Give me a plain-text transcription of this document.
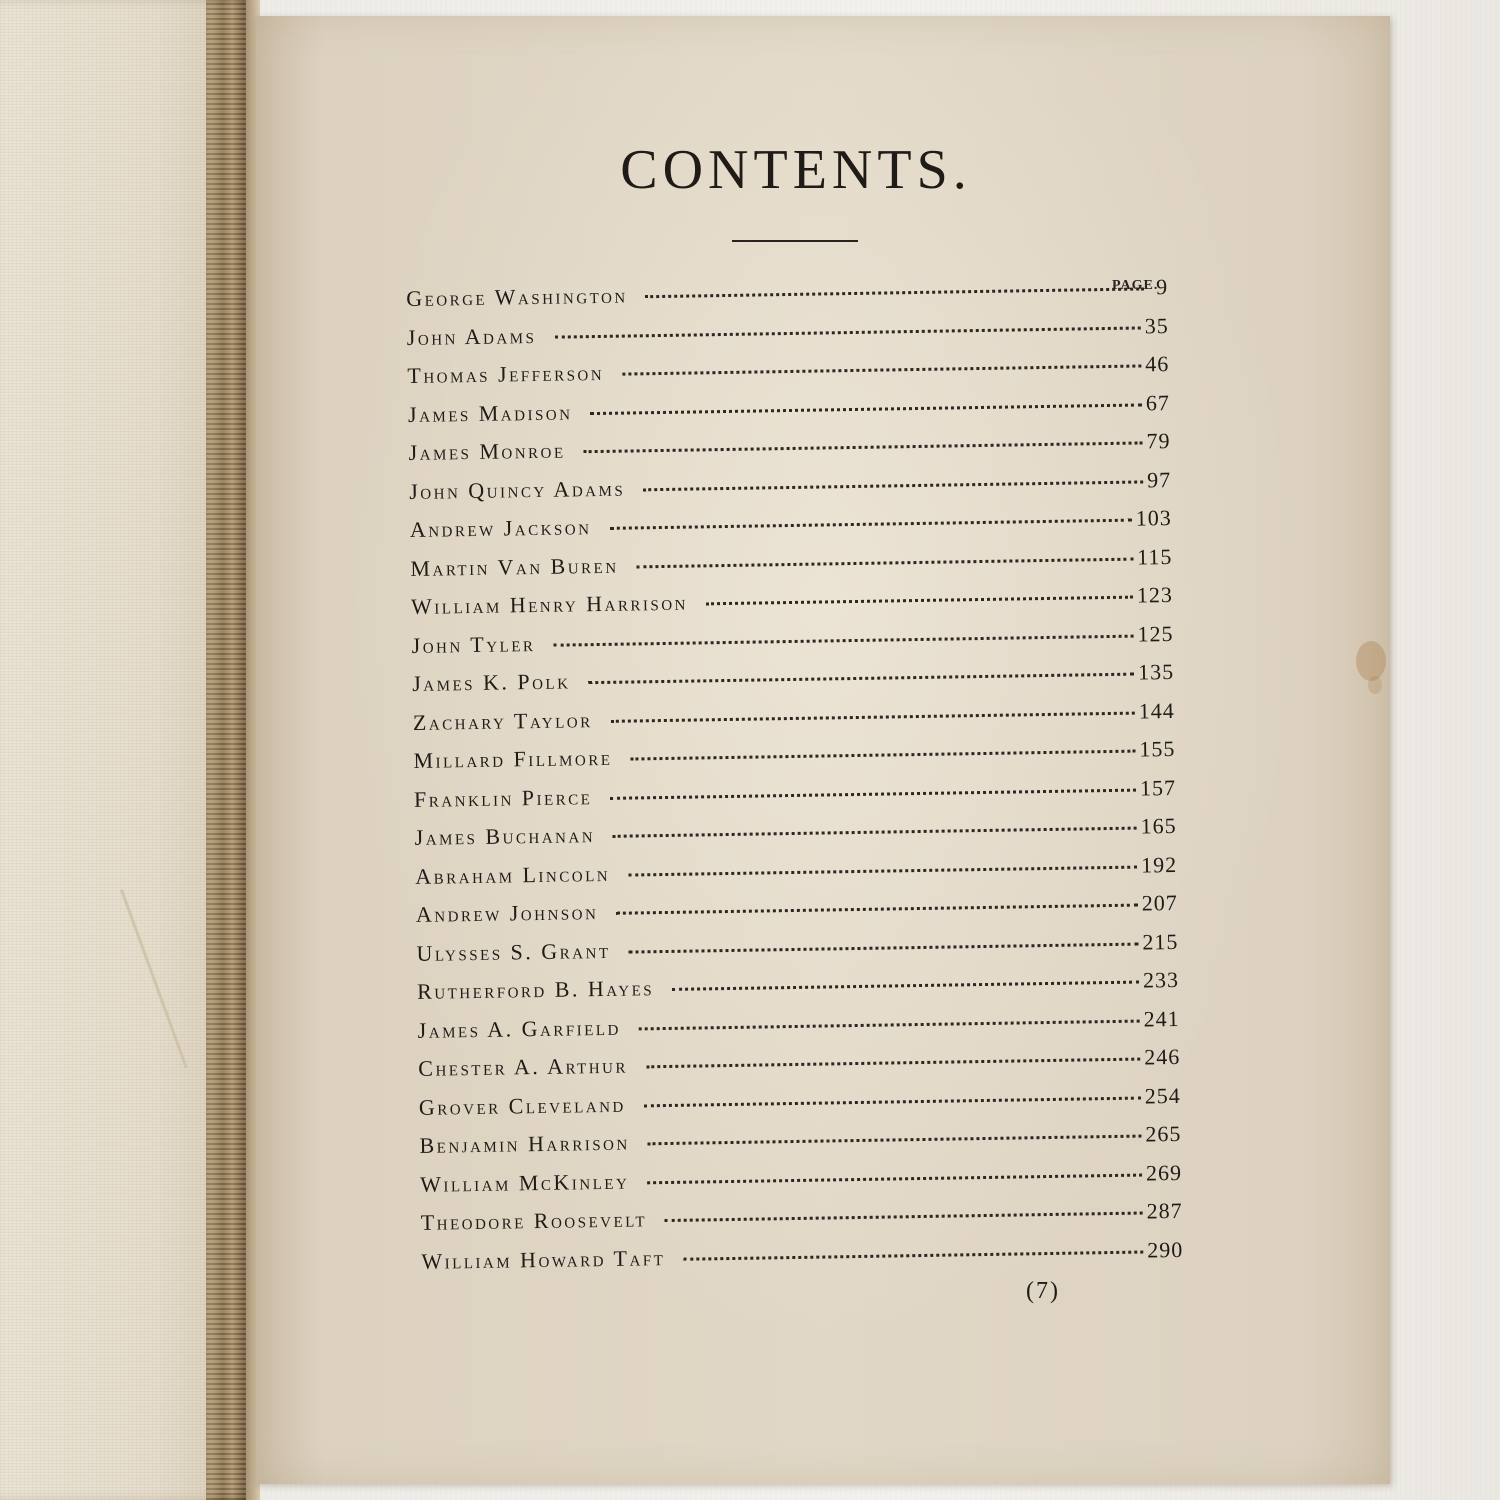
CONTENTS.
PAGE.
George Washington	9
John Adams	35
Thomas Jefferson	46
James Madison	67
James Monroe	79
John Quincy Adams	97
Andrew Jackson	103
Martin Van Buren	115
William Henry Harrison	123
John Tyler	125
James K. Polk	135
Zachary Taylor	144
Millard Fillmore	155
Franklin Pierce	157
James Buchanan	165
Abraham Lincoln	192
Andrew Johnson	207
Ulysses S. Grant	215
Rutherford B. Hayes	233
James A. Garfield	241
Chester A. Arthur	246
Grover Cleveland	254
Benjamin Harrison	265
William McKinley	269
Theodore Roosevelt	287
William Howard Taft	290
(7)
